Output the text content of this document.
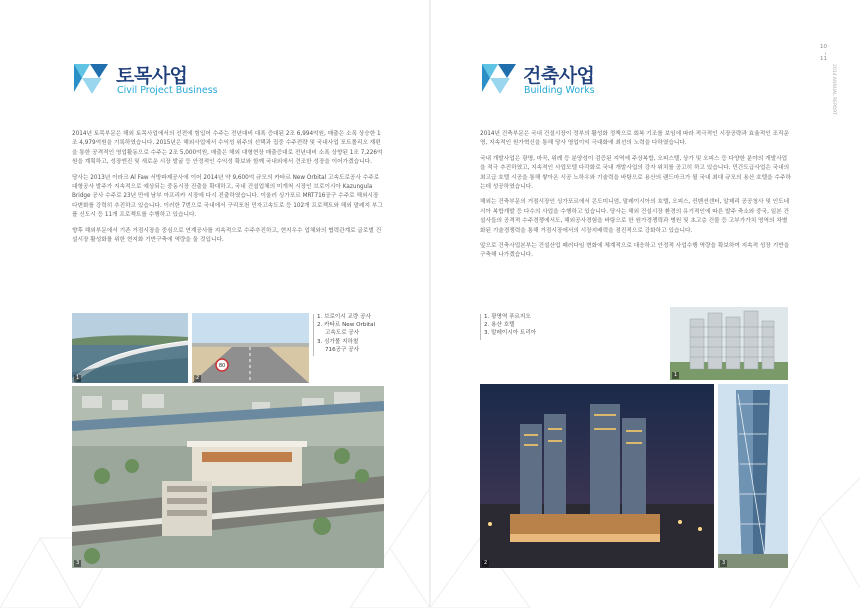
토목사업
Civil Project Business

2014년 토목부문은 해외 토목사업에서의 선전에 힘입어 수주는 전년대비 대폭 증대된 2조 6,994억원, 매출은 소폭 상승한 1조 4,979억원을 기록하였습니다. 2015년은 해외사업에서 수익성 위주의 선택과 집중 수주전략 및 국내사업 포트폴리오 재편을 통한 공격적인 영업활동으로 수주는 2조 5,000억원, 매출은 해외 대형현장 매출증대로 전년대비 소폭 상향된 1조 7,226억원을 계획하고, 성장엔진 및 새로운 시장 발굴 등 안정적인 수익성 확보와 함께 국내외에서 견조한 성장을 이어가겠습니다.

당사는 2013년 이라크 Al Faw 서방파제공사에 이어 2014년 약 9,600억 규모의 카타르 New Orbital 고속도로공사 수주로 대형공사 발주가 지속적으로 예상되는 중동시장 진출을 확대하고, 국내 건설업체의 미개척 시장인 브로이시아 Kazungula Bridge 공사 수주로 23년 만에 남부 아프리카 시장에 다시 진출하였습니다. 이울러 싱가포르 MRT716공구 수주로 해외시장 다변화를 강력히 추진하고 있습니다. 이러한 7번으로 국내에서 구리포천 민자고속도로 등 102개 프로젝트와 해외 말레지 부그플 신도시 등 11개 프로젝트를 수행하고 있습니다.

향후 해외부문에서 기존 거점시장을 중심으로 연계공사를 지속적으로 수주추진하고, 현지우수 업체와의 협력관계로 글로벌 건설시장 활성화를 위한 현지화 기반구축에 역량을 둘 것입니다.

1
80
2
1. 브로이시 교량 공사
2. 카타르 New Orbital
고속도로 공사
3. 싱가폴 지하철
716공구 공사
3
건축사업
Building Works

2014년 건축부문은 국내 건설시장이 정부의 활성화 정책으로 회복 기조를 보임에 따라 적극적인 시장공략과 효율적인 조직운영, 지속적인 원가혁신을 통해 당사 영업이익 극대화에 최선의 노력을 다하였습니다.

국내 개발사업은 광명, 마곡, 위례 등 분양성이 검증된 지역에 주상복합, 오피스텔, 상가 및 오피스 등 다양한 분야의 개발사업을 적극 추진하였고, 지속적인 사업모델 다각화로 국내 개발사업의 강자 위치를 공고히 하고 있습니다. 민간도급사업은 국내의 최고급 호텔 시공을 통해 쌓아온 시공 노하우와 기술력을 바탕으로 용산의 랜드마크가 될 국내 최대 규모의 용산 호텔을 수주하는데 성공하였습니다.

해외는 건축부문의 거점시장인 싱가포르에서 콘도미니엄, 말레이시아의 호텔, 오피스, 컨벤션센터, 알제리 공공청사 및 인도네시아 복합개발 등 다수의 사업을 수행하고 있습니다. 당사는 해외 건설시장 환경의 유기적인에 따른 발주 축소와 중국, 일본 건설사들의 공격적 수주경쟁에서도, 해외공사경험을 바탕으로 한 원가경쟁력과 병원 및 초고층 건물 등 고부가가치 영역의 차별화된 기술경쟁력을 통해 거점시장에서의 시장지배력을 점진적으로 강화하고 있습니다.

앞으로 건축사업본부는 건설산업 패러다임 변화에 체계적으로 대응하고 안정적 사업수행 역량을 확보하여 지속적 성장 기반을 구축해 나가겠습니다.

1. 광명역 푸르지오
2. 용산 호텔
3. 말레이시아 트리아
1
2	3
10
11
2014 ANNUAL REPORT
